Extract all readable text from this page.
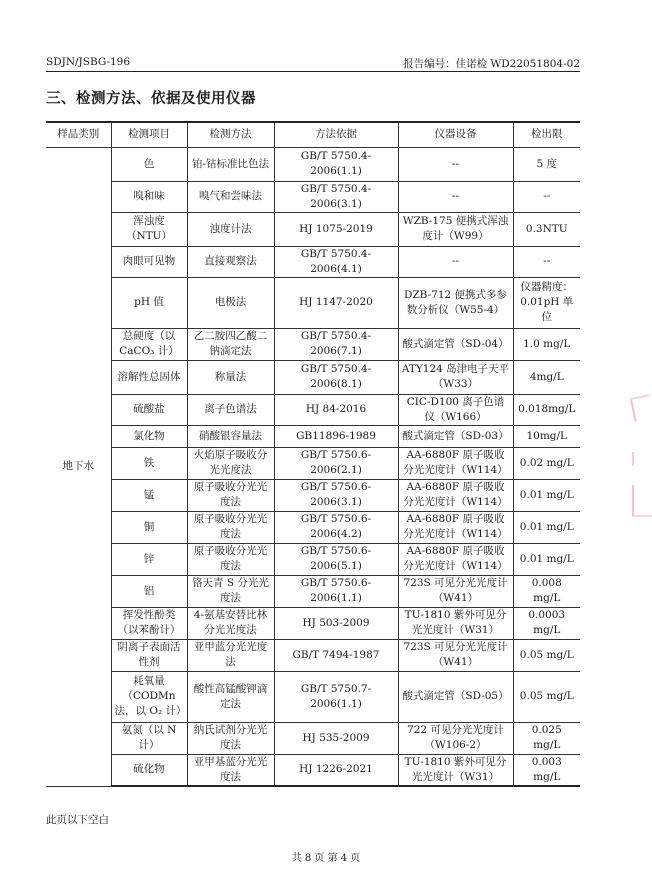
SDJN/JSBG-196	报告编号：佳诺检 WD22051804-02
三、检测方法、依据及使用仪器
样品类别	检测项目	检测方法	方法依据	仪器设备	检出限
地下水	色	铂-钴标准比色法	GB/T 5750.4-2006(1.1)	--	5 度
	嗅和味	嗅气和尝味法	GB/T 5750.4-2006(3.1)	--	--
	浑浊度（NTU）	浊度计法	HJ 1075-2019	WZB-175 便携式浑浊度计（W99）	0.3NTU
	肉眼可见物	直接观察法	GB/T 5750.4-2006(4.1)	--	--
	pH 值	电极法	HJ 1147-2020	DZB-712 便携式多参数分析仪（W55-4）	仪器精度：0.01pH 单位
	总硬度（以 CaCO₃ 计）	乙二胺四乙酸二钠滴定法	GB/T 5750.4-2006(7.1)	酸式滴定管（SD-04）	1.0 mg/L
	溶解性总固体	称量法	GB/T 5750.4-2006(8.1)	ATY124 岛津电子天平（W33）	4mg/L
	硫酸盐	离子色谱法	HJ 84-2016	CIC-D100 离子色谱仪（W166）	0.018mg/L
	氯化物	硝酸银容量法	GB11896-1989	酸式滴定管（SD-03）	10mg/L
	铁	火焰原子吸收分光光度法	GB/T 5750.6-2006(2.1)	AA-6880F 原子吸收分光光度计（W114）	0.02 mg/L
	锰	原子吸收分光光度法	GB/T 5750.6-2006(3.1)	AA-6880F 原子吸收分光光度计（W114）	0.01 mg/L
	铜	原子吸收分光光度法	GB/T 5750.6-2006(4.2)	AA-6880F 原子吸收分光光度计（W114）	0.01 mg/L
	锌	原子吸收分光光度法	GB/T 5750.6-2006(5.1)	AA-6880F 原子吸收分光光度计（W114）	0.01 mg/L
	铝	铬天青 S 分光光度法	GB/T 5750.6-2006(1.1)	723S 可见分光光度计（W41）	0.008 mg/L
	挥发性酚类（以苯酚计）	4-氨基安替比林分光光度法	HJ 503-2009	TU-1810 紫外可见分光光度计（W31）	0.0003 mg/L
	阴离子表面活性剂	亚甲蓝分光光度法	GB/T 7494-1987	723S 可见分光光度计（W41）	0.05 mg/L
	耗氧量（CODMn 法，以 O₂ 计）	酸性高锰酸钾滴定法	GB/T 5750.7-2006(1.1)	酸式滴定管（SD-05）	0.05 mg/L
	氨氮（以 N 计）	纳氏试剂分光光度法	HJ 535-2009	722 可见分光光度计（W106-2）	0.025 mg/L
	硫化物	亚甲基蓝分光光度法	HJ 1226-2021	TU-1810 紫外可见分光光度计（W31）	0.003 mg/L
此页以下空白
共 8 页 第 4 页
